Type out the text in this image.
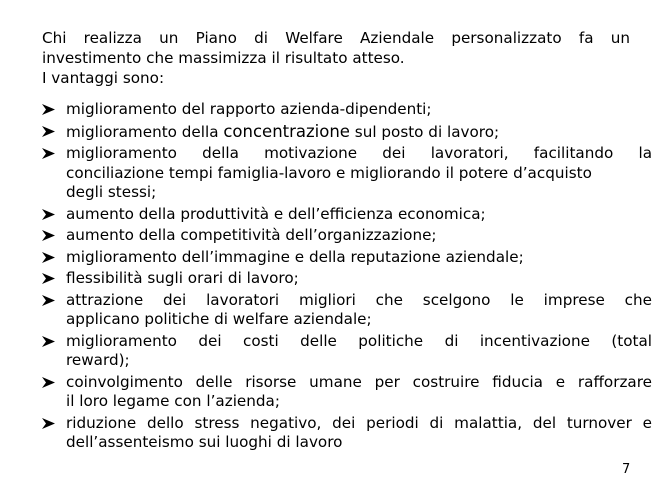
Chi realizza un Piano di Welfare Aziendale personalizzato fa un
investimento che massimizza il risultato atteso.
I vantaggi sono:
miglioramento del rapporto azienda-dipendenti;
miglioramento della concentrazione sul posto di lavoro;
miglioramento della motivazione dei lavoratori, facilitando la
conciliazione tempi famiglia-lavoro e migliorando il potere d’acquisto
degli stessi;
aumento della produttività e dell’efficienza economica;
aumento della competitività dell’organizzazione;
miglioramento dell’immagine e della reputazione aziendale;
flessibilità sugli orari di lavoro;
attrazione dei lavoratori migliori che scelgono le imprese che
applicano politiche di welfare aziendale;
miglioramento dei costi delle politiche di incentivazione (total
reward);
coinvolgimento delle risorse umane per costruire fiducia e rafforzare
il loro legame con l’azienda;
riduzione dello stress negativo, dei periodi di malattia, del turnover e
dell’assenteismo sui luoghi di lavoro
7
